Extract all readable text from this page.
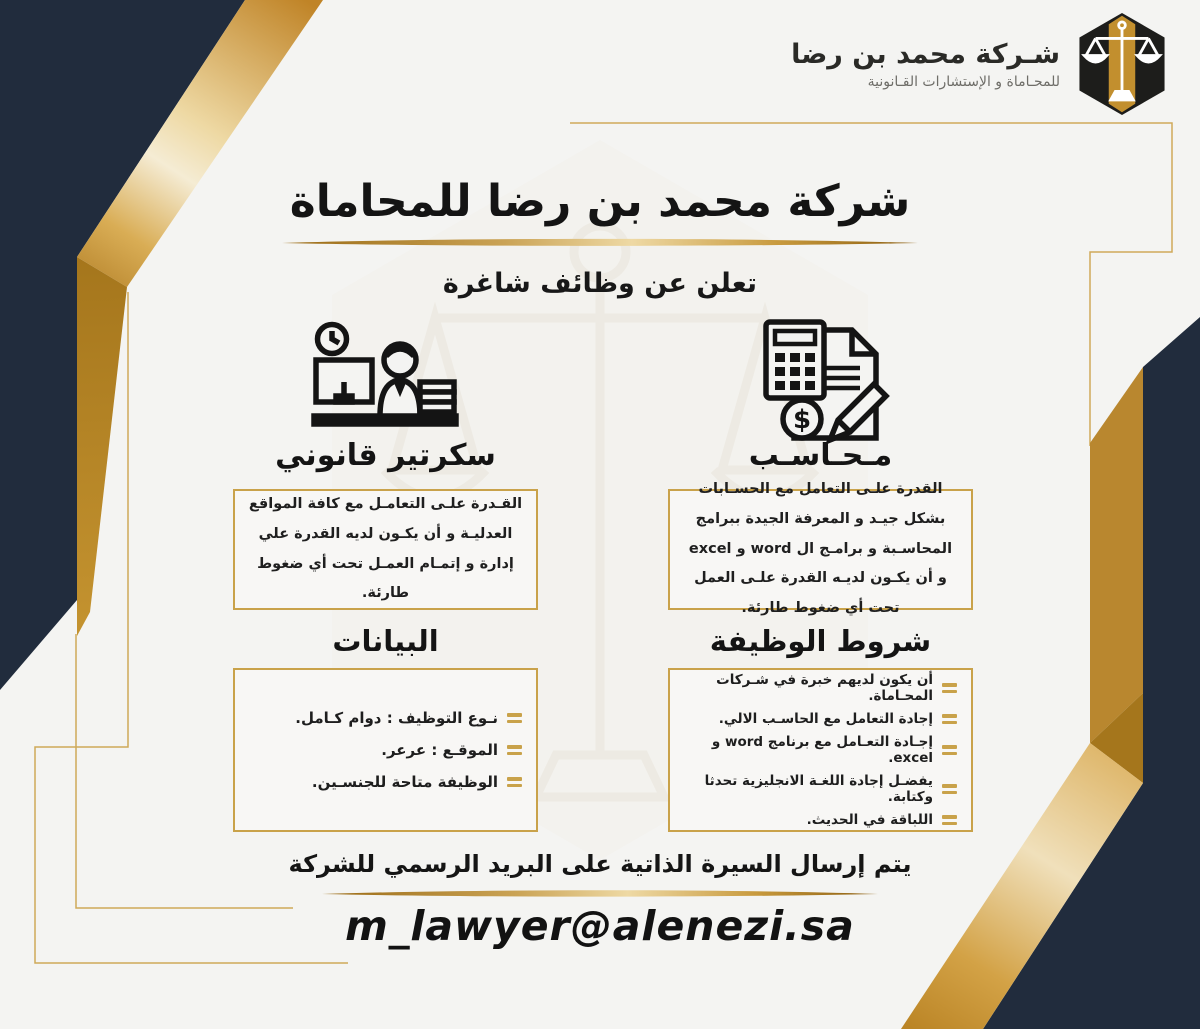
شـركة محمد بن رضا
للمحـاماة و الإستشارات القـانونية
شركة محمد بن رضا للمحاماة
تعلن عن وظائف شاغرة
$
سكرتير قانوني	مـحـاسـب
القـدرة علـى التعامـل مع كافة المواقع العدليـة و أن يكـون لديه القدرة علي إدارة و إتمـام العمـل تحت أي ضغوط طارئة.
القدرة علـى التعامل مع الحسـابات بشكل جيـد و المعرفة الجيدة ببرامج المحاسـبة و برامـج ال word و excel و أن يكـون لديـه القدرة علـى العمل تحت أي ضغوط طارئة.
البيانات	شروط الوظيفة
نـوع التوظيف : دوام كـامل.
الموقـع : عرعر.
الوظيفة متاحة للجنسـين.
أن يكون لديهم خبرة في شـركات المحـاماة.
إجادة التعامل مع الحاسـب الالي.
إجـادة التعـامل مع برنامج word و excel.
يفضـل إجادة اللغـة الانجليزية تحدثا وكتابة.
اللباقة في الحديث.
يتم إرسال السيرة الذاتية على البريد الرسمي للشركة
m_lawyer@alenezi.sa
